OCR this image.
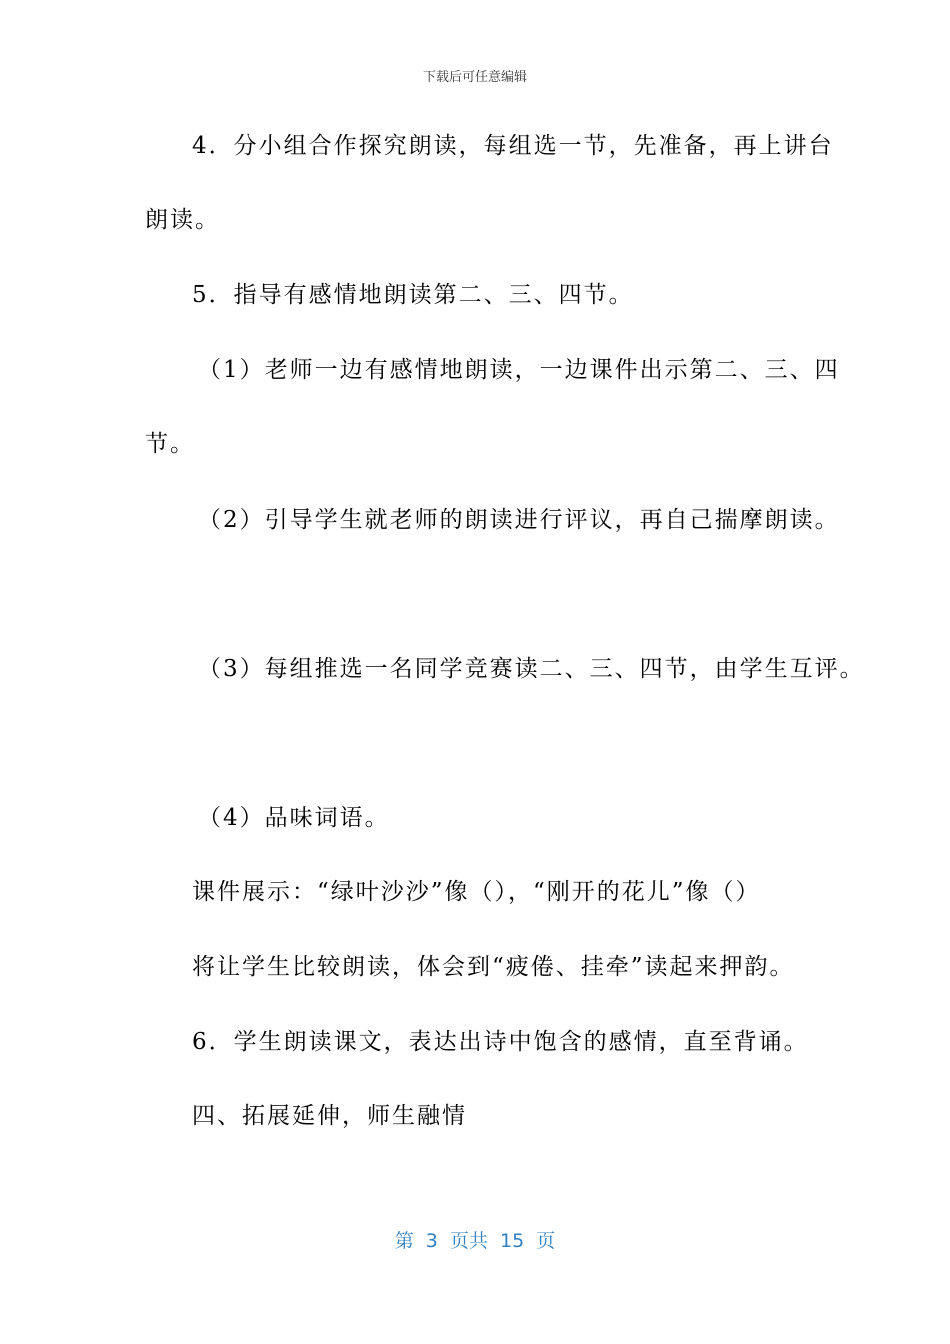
下载后可任意编辑
4．分小组合作探究朗读，每组选一节，先准备，再上讲台
朗读。
5．指导有感情地朗读第二、三、四节。
（1）老师一边有感情地朗读，一边课件出示第二、三、四
节。
（2）引导学生就老师的朗读进行评议，再自己揣摩朗读。
（3）每组推选一名同学竞赛读二、三、四节，由学生互评。
（4）品味词语。
课件展示：“绿叶沙沙”像（），“刚开的花儿”像（）
将让学生比较朗读，体会到“疲倦、挂牵”读起来押韵。
6．学生朗读课文，表达出诗中饱含的感情，直至背诵。
四、拓展延伸，师生融情
第  3  页共  15  页
